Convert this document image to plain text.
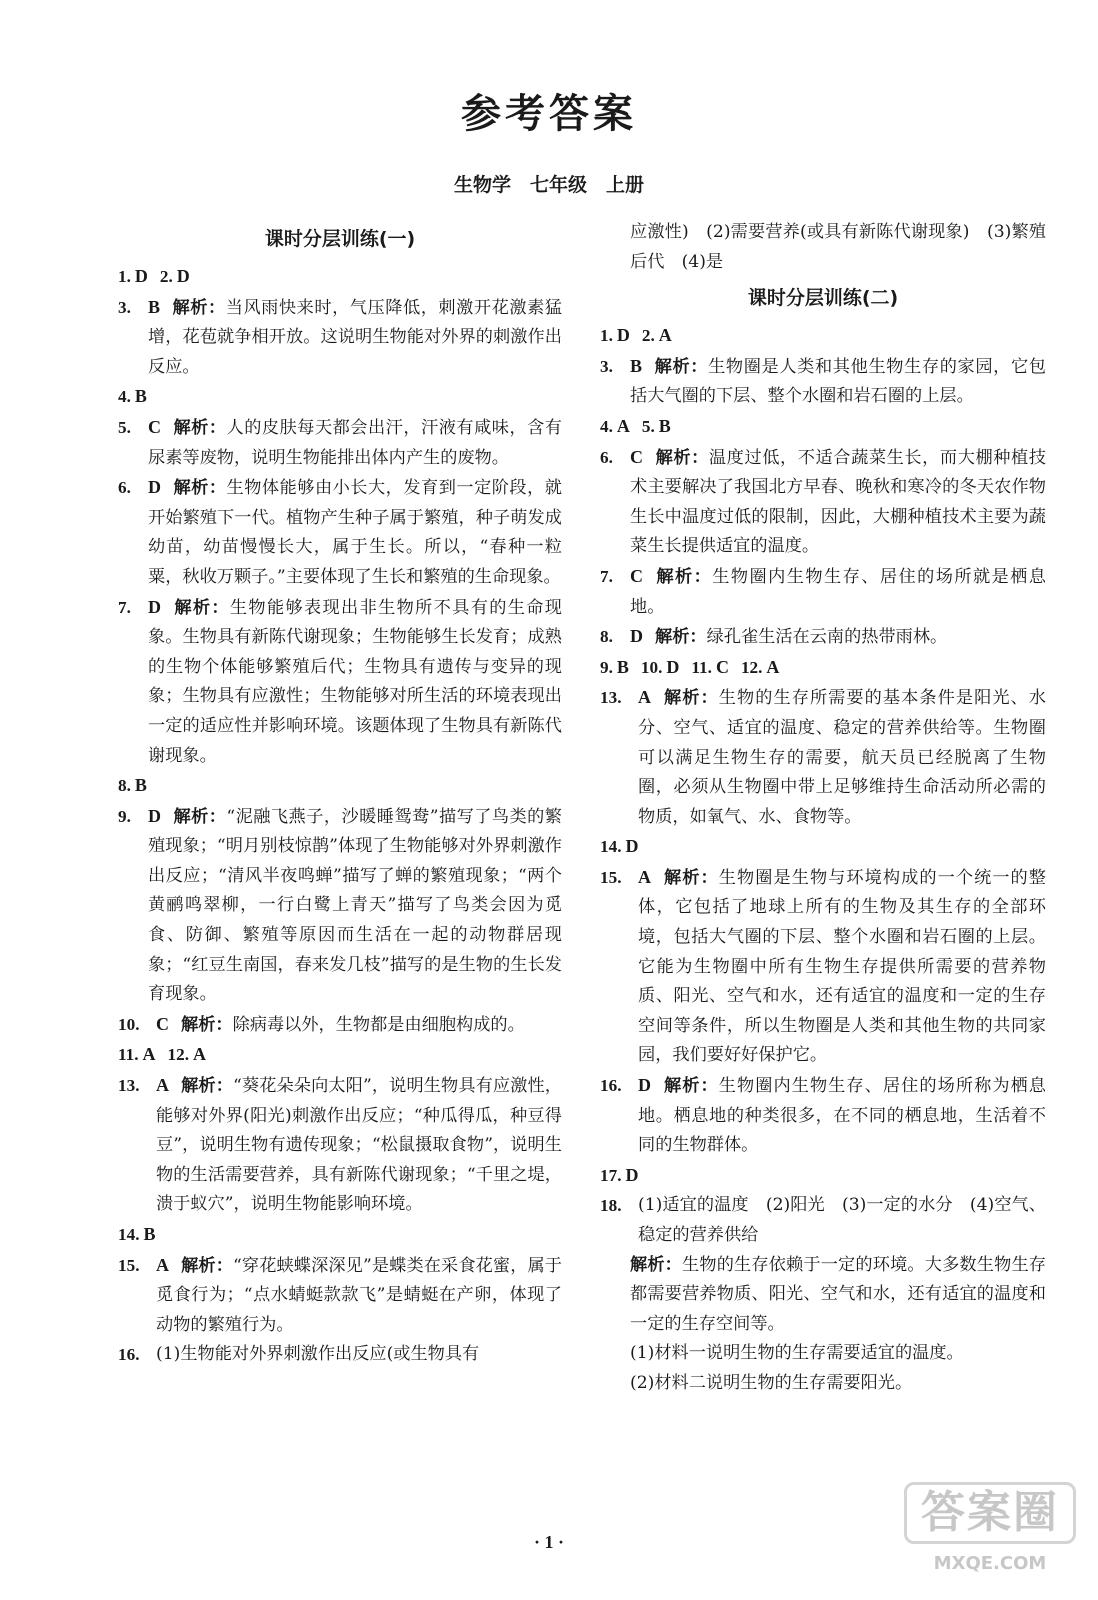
参考答案
生物学　七年级　上册
课时分层训练(一)
1. D 2. D
3. B 解析：当风雨快来时，气压降低，刺激开花激素猛增，花苞就争相开放。这说明生物能对外界的刺激作出反应。
4. B
5. C 解析：人的皮肤每天都会出汗，汗液有咸味，含有尿素等废物，说明生物能排出体内产生的废物。
6. D 解析：生物体能够由小长大，发育到一定阶段，就开始繁殖下一代。植物产生种子属于繁殖，种子萌发成幼苗，幼苗慢慢长大，属于生长。所以，“春种一粒粟，秋收万颗子。”主要体现了生长和繁殖的生命现象。
7. D 解析：生物能够表现出非生物所不具有的生命现象。生物具有新陈代谢现象；生物能够生长发育；成熟的生物个体能够繁殖后代；生物具有遗传与变异的现象；生物具有应激性；生物能够对所生活的环境表现出一定的适应性并影响环境。该题体现了生物具有新陈代谢现象。
8. B
9. D 解析：“泥融飞燕子，沙暖睡鸳鸯”描写了鸟类的繁殖现象；“明月别枝惊鹊”体现了生物能够对外界刺激作出反应；“清风半夜鸣蝉”描写了蝉的繁殖现象；“两个黄鹂鸣翠柳，一行白鹭上青天”描写了鸟类会因为觅食、防御、繁殖等原因而生活在一起的动物群居现象；“红豆生南国，春来发几枝”描写的是生物的生长发育现象。
10. C 解析：除病毒以外，生物都是由细胞构成的。
11. A 12. A
13. A 解析：“葵花朵朵向太阳”，说明生物具有应激性，能够对外界(阳光)刺激作出反应；“种瓜得瓜，种豆得豆”，说明生物有遗传现象；“松鼠摄取食物”，说明生物的生活需要营养，具有新陈代谢现象；“千里之堤，溃于蚁穴”，说明生物能影响环境。
14. B
15. A 解析：“穿花蛱蝶深深见”是蝶类在采食花蜜，属于觅食行为；“点水蜻蜓款款飞”是蜻蜓在产卵，体现了动物的繁殖行为。
16. (1)生物能对外界刺激作出反应(或生物具有
应激性)　(2)需要营养(或具有新陈代谢现象)　(3)繁殖后代　(4)是
课时分层训练(二)
1. D 2. A
3. B 解析：生物圈是人类和其他生物生存的家园，它包括大气圈的下层、整个水圈和岩石圈的上层。
4. A 5. B
6. C 解析：温度过低，不适合蔬菜生长，而大棚种植技术主要解决了我国北方早春、晚秋和寒冷的冬天农作物生长中温度过低的限制，因此，大棚种植技术主要为蔬菜生长提供适宜的温度。
7. C 解析：生物圈内生物生存、居住的场所就是栖息地。
8. D 解析：绿孔雀生活在云南的热带雨林。
9. B 10. D 11. C 12. A
13. A 解析：生物的生存所需要的基本条件是阳光、水分、空气、适宜的温度、稳定的营养供给等。生物圈可以满足生物生存的需要，航天员已经脱离了生物圈，必须从生物圈中带上足够维持生命活动所必需的物质，如氧气、水、食物等。
14. D
15. A 解析：生物圈是生物与环境构成的一个统一的整体，它包括了地球上所有的生物及其生存的全部环境，包括大气圈的下层、整个水圈和岩石圈的上层。它能为生物圈中所有生物生存提供所需要的营养物质、阳光、空气和水，还有适宜的温度和一定的生存空间等条件，所以生物圈是人类和其他生物的共同家园，我们要好好保护它。
16. D 解析：生物圈内生物生存、居住的场所称为栖息地。栖息地的种类很多，在不同的栖息地，生活着不同的生物群体。
17. D
18. (1)适宜的温度　(2)阳光　(3)一定的水分　(4)空气、稳定的营养供给
解析：生物的生存依赖于一定的环境。大多数生物生存都需要营养物质、阳光、空气和水，还有适宜的温度和一定的生存空间等。
(1)材料一说明生物的生存需要适宜的温度。
(2)材料二说明生物的生存需要阳光。
· 1 ·
答案圈
MXQE.COM
